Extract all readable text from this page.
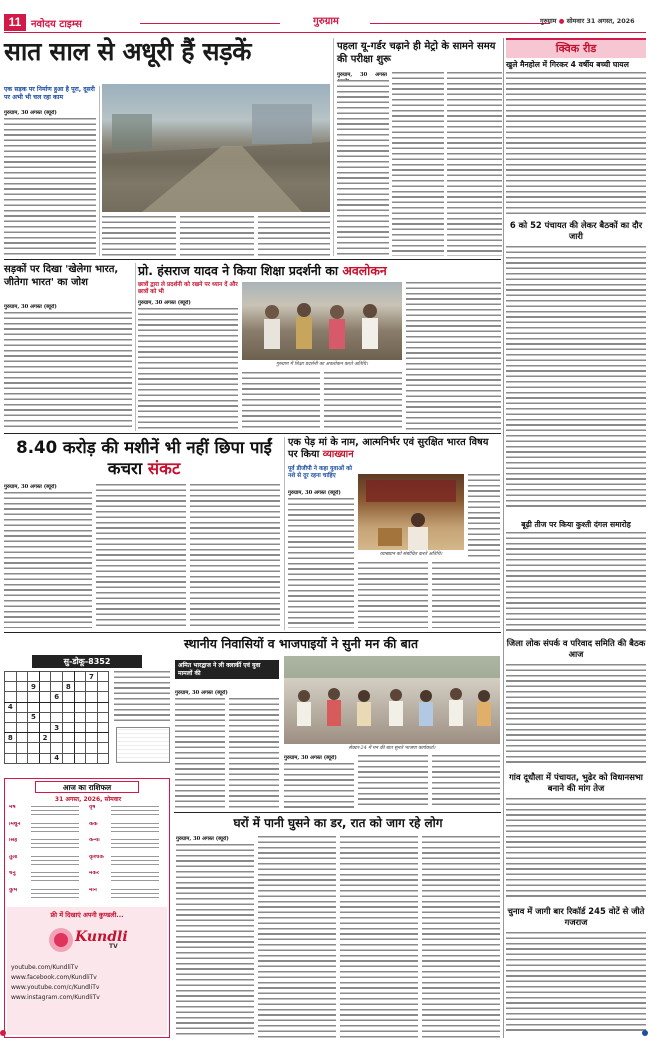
11 नवोदय टाइम्स	गुरुग्राम	गुरुग्राम ● सोमवार 31 अगस्त, 2026
सात साल से अधूरी हैं सड़कें
एक सड़क पर निर्माण हुआ है पूरा, दूसरी पर अभी भी चल रहा काम
गुरुग्राम, 30 अगस्त (ब्यूरो)
पहला यू-गर्डर चढ़ाने ही मेट्रो के सामने समय की परीक्षा शुरू
गुरुग्राम, 30 अगस्त
क्विक रीड
खुले मैनहोल में गिरकर 4 वर्षीय बच्ची घायल
6 को 52 पंचायत की लेकर बैठकों का दौर जारी
बूढ़ी तीज पर किया कुश्ती दंगल समारोह
जिला लोक संपर्क व परिवाद समिति की बैठक आज
गांव दूधौला में पंचायत, भुढेर को विधानसभा बनाने की मांग तेज
चुनाव में जागी बार रिकॉर्ड 245 वोटें से जीते गजराज
सड़कों पर दिखा 'खेलेगा भारत, जीतेगा भारत' का जोश
गुरुग्राम, 30 अगस्त (ब्यूरो)
प्रो. हंसराज यादव ने किया शिक्षा प्रदर्शनी का अवलोकन
छात्रों द्वारा ले प्रदर्शनी को रखने पर ध्यान दें और छात्रों को भी
गुरुग्राम, 30 अगस्त (ब्यूरो)
गुरुग्राम में शिक्षा प्रदर्शनी का अवलोकन करते अतिथि।
8.40 करोड़ की मशीनें भी नहीं छिपा पाईं कचरा संकट
गुरुग्राम, 30 अगस्त (ब्यूरो)
एक पेड़ मां के नाम, आत्मनिर्भर एवं सुरक्षित भारत विषय पर किया व्याख्यान
पूर्व डीजीपी ने कहा युवाओं को नशे से दूर रहना चाहिए
गुरुग्राम, 30 अगस्त (ब्यूरो)
व्याख्यान को संबोधित करते अतिथि।
स्थानीय निवासियों व भाजपाइयों ने सुनी मन की बात
सु-डोकू-8352
							7	
		9			8			
				6				
4								
		5						
				3				
8			2					

				4				
अमित भारद्वाज ने ली क्लार्की एवं युवा मामलों की
गुरुग्राम, 30 अगस्त (ब्यूरो)
सेक्टर-24 में मन की बात सुनते भाजपा कार्यकर्ता।
गुरुग्राम, 30 अगस्त (ब्यूरो)
आज का राशिफल
31 अगस्त, 2026, सोमवार
मेष	वृष
मिथुन	कर्क
सिंह	कन्या
तुला	वृश्चिक
धनु	मकर
कुंभ	मीन
फ्री में दिखाएं अपनी कुण्डली...
Kundli
TV
youtube.com/KundliTv
www.facebook.com/KundliTv
www.youtube.com/c/KundliTv
www.instagram.com/KundliTv
घरों में पानी घुसने का डर, रात को जाग रहे लोग
गुरुग्राम, 30 अगस्त (ब्यूरो)
